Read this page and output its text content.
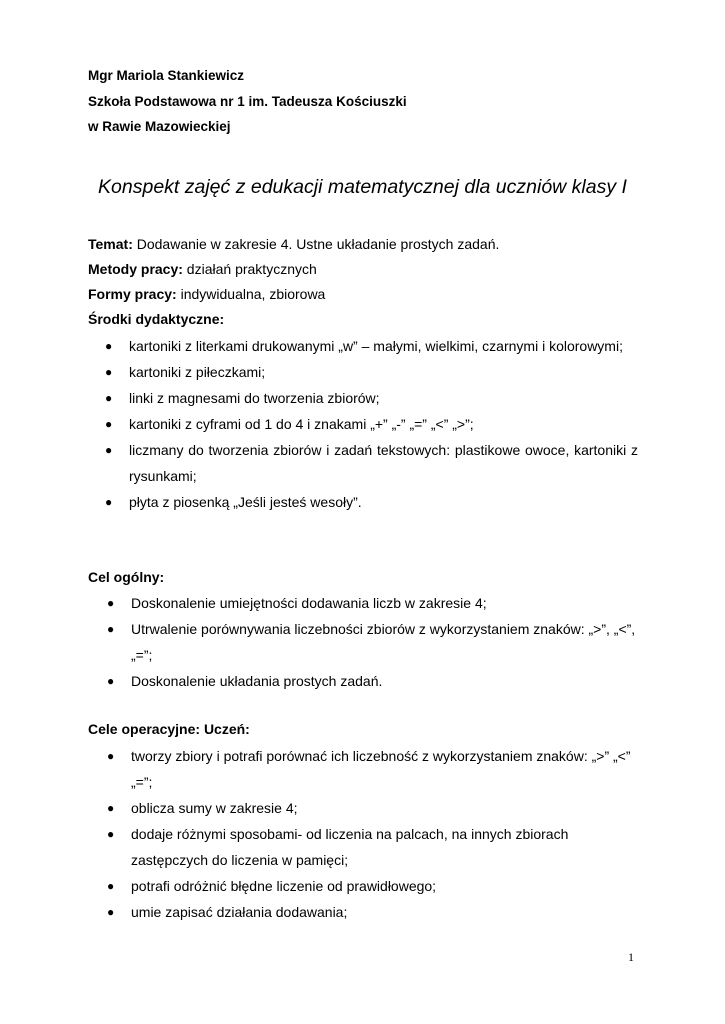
Mgr Mariola Stankiewicz
Szkoła Podstawowa nr 1 im. Tadeusza Kościuszki
w Rawie Mazowieckiej
Konspekt zajęć z edukacji matematycznej dla uczniów klasy I
Temat: Dodawanie w zakresie 4. Ustne układanie prostych zadań.
Metody pracy: działań praktycznych
Formy pracy: indywidualna, zbiorowa
Środki dydaktyczne:
● kartoniki z literkami drukowanymi „w” – małymi, wielkimi, czarnymi i kolorowymi;
● kartoniki z piłeczkami;
● linki z magnesami do tworzenia zbiorów;
● kartoniki z cyframi od 1 do 4 i znakami „+” „-” „=” „<” „>”;
● liczmany do tworzenia zbiorów i zadań tekstowych: plastikowe owoce, kartoniki z rysunkami;
● płyta z piosenką „Jeśli jesteś wesoły”.
Cel ogólny:
● Doskonalenie umiejętności dodawania liczb w zakresie 4;
● Utrwalenie porównywania liczebności zbiorów z wykorzystaniem znaków: „>”, „<”, „=”;
● Doskonalenie układania prostych zadań.
Cele operacyjne: Uczeń:
● tworzy zbiory i potrafi porównać ich liczebność z wykorzystaniem znaków: „>” „<” „=”;
● oblicza sumy w zakresie 4;
● dodaje różnymi sposobami- od liczenia na palcach, na innych zbiorach zastępczych do liczenia w pamięci;
● potrafi odróżnić błędne liczenie od prawidłowego;
● umie zapisać działania dodawania;
1
